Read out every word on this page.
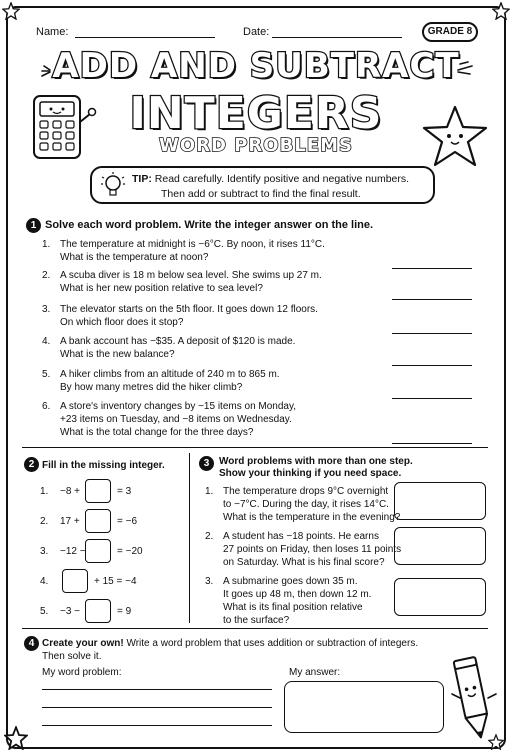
Name:	Date:	GRADE 8
ADD AND SUBTRACT
INTEGERS
WORD PROBLEMS
TIP: Read carefully. Identify positive and negative numbers.
Then add or subtract to find the final result.
1 Solve each word problem. Write the integer answer on the line.
1. The temperature at midnight is −6°C. By noon, it rises 11°C.
What is the temperature at noon?
2. A scuba diver is 18 m below sea level. She swims up 27 m.
What is her new position relative to sea level?
3. The elevator starts on the 5th floor. It goes down 12 floors.
On which floor does it stop?
4. A bank account has −$35. A deposit of $120 is made.
What is the new balance?
5. A hiker climbs from an altitude of 240 m to 865 m.
By how many metres did the hiker climb?
6. A store's inventory changes by −15 items on Monday,
+23 items on Tuesday, and −8 items on Wednesday.
What is the total change for the three days?
2 Fill in the missing integer.
1. −8 +	= 3
2. 17 +	= −6
3. −12 −	= −20
4.	+ 15 = −4
5. −3 −	= 9
3 Word problems with more than one step.
Show your thinking if you need space.
1. The temperature drops 9°C overnight
to −7°C. During the day, it rises 14°C.
What is the temperature in the evening?
2. A student has −18 points. He earns
27 points on Friday, then loses 11 points
on Saturday. What is his final score?
3. A submarine goes down 35 m.
It goes up 48 m, then down 12 m.
What is its final position relative
to the surface?
4 Create your own! Write a word problem that uses addition or subtraction of integers.
Then solve it.
My word problem:	My answer:
